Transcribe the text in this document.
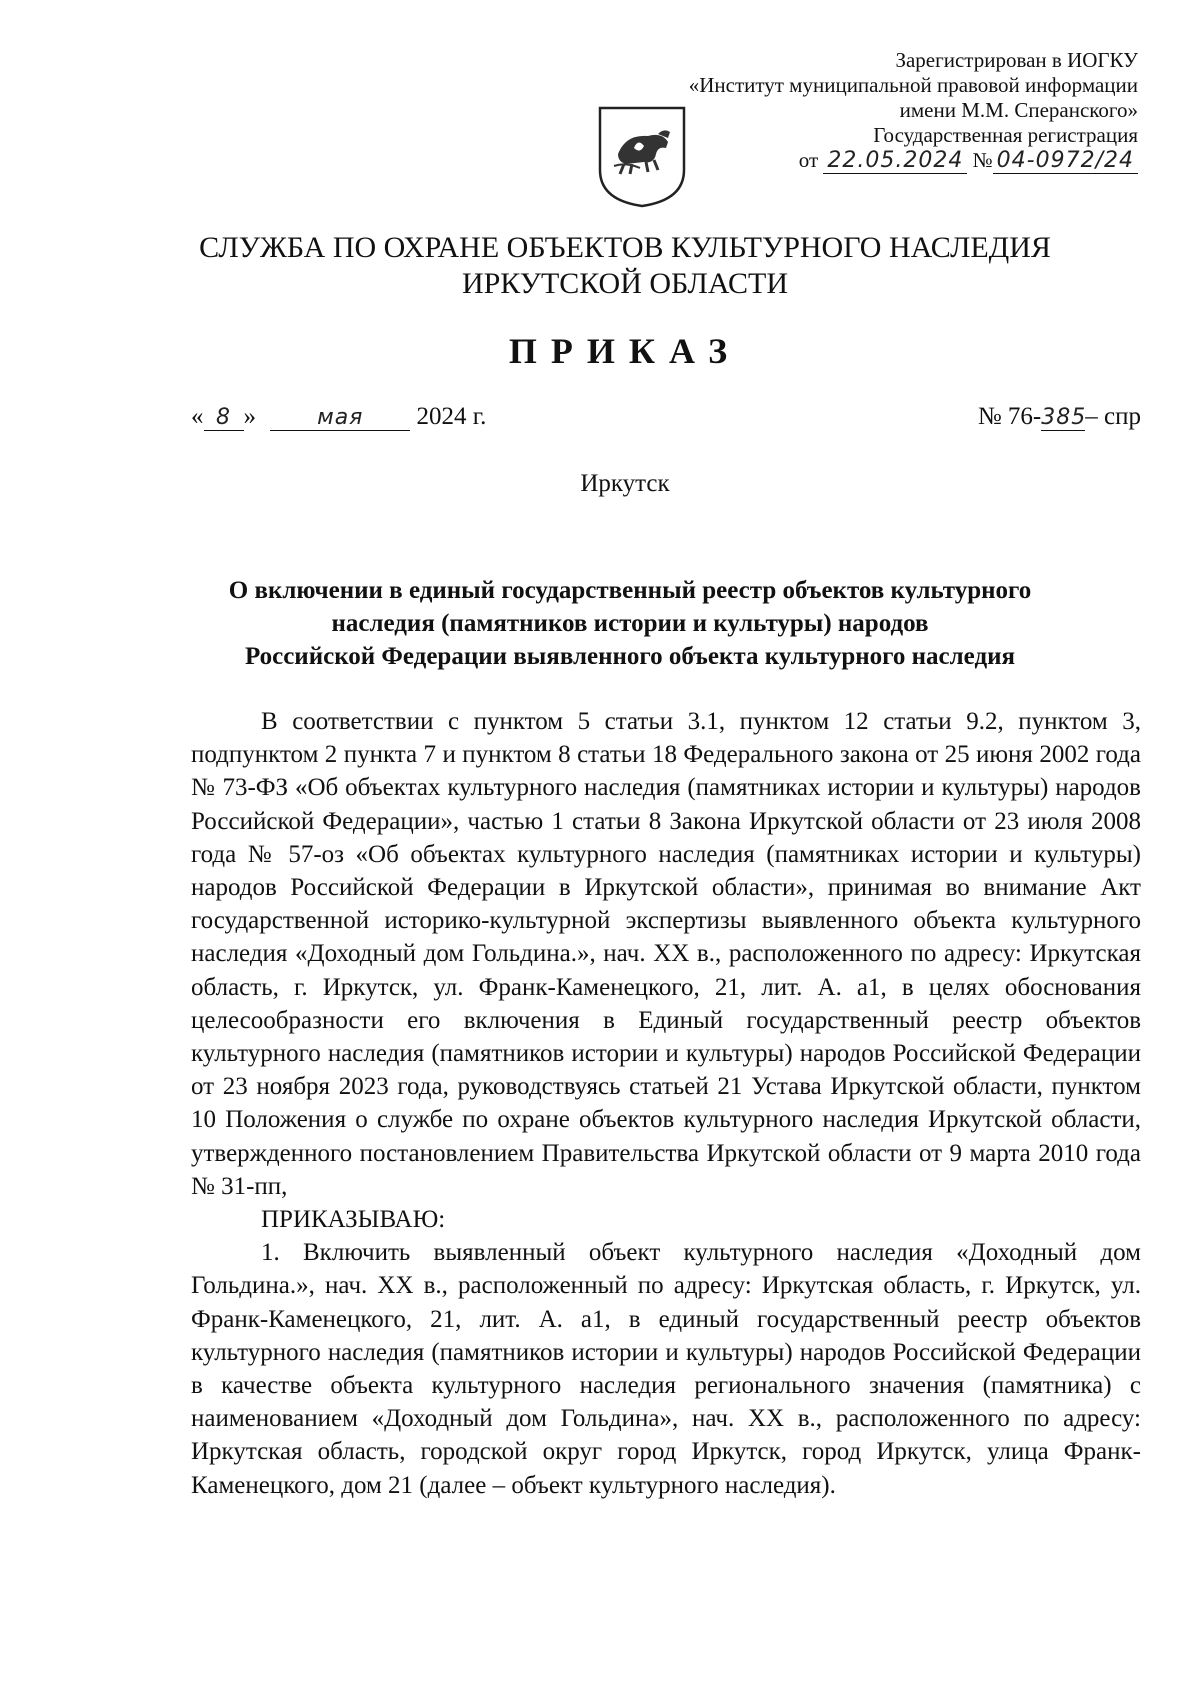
Зарегистрирован в ИОГКУ
«Институт муниципальной правовой информации
имени М.М. Сперанского»
Государственная регистрация
от 22.05.2024 № 04-0972/24
СЛУЖБА ПО ОХРАНЕ ОБЪЕКТОВ КУЛЬТУРНОГО НАСЛЕДИЯ
ИРКУТСКОЙ ОБЛАСТИ
ПРИКАЗ
« 8 »	мая 2024 г.	№ 76-385– спр
Иркутск
О включении в единый государственный реестр объектов культурного
наследия (памятников истории и культуры) народов
Российской Федерации выявленного объекта культурного наследия

В соответствии с пунктом 5 статьи 3.1, пунктом 12 статьи 9.2, пунктом 3, подпунктом 2 пункта 7 и пунктом 8 статьи 18 Федерального закона от 25 июня 2002 года № 73-ФЗ «Об объектах культурного наследия (памятниках истории и культуры) народов Российской Федерации», частью 1 статьи 8 Закона Иркутской области от 23 июля 2008 года № 57-оз «Об объектах культурного наследия (памятниках истории и культуры) народов Российской Федерации в Иркутской области», принимая во внимание Акт государственной историко-культурной экспертизы выявленного объекта культурного наследия «Доходный дом Гольдина.», нач. XX в., расположенного по адресу: Иркутская область, г. Иркутск, ул. Франк-Каменецкого, 21, лит. А. а1, в целях обоснования целесообразности его включения в Единый государственный реестр объектов культурного наследия (памятников истории и культуры) народов Российской Федерации от 23 ноября 2023 года, руководствуясь статьей 21 Устава Иркутской области, пунктом 10 Положения о службе по охране объектов культурного наследия Иркутской области, утвержденного постановлением Правительства Иркутской области от 9 марта 2010 года № 31-пп,

ПРИКАЗЫВАЮ:

1. Включить выявленный объект культурного наследия «Доходный дом Гольдина.», нач. XX в., расположенный по адресу: Иркутская область, г. Иркутск, ул. Франк-Каменецкого, 21, лит. А. а1, в единый государственный реестр объектов культурного наследия (памятников истории и культуры) народов Российской Федерации в качестве объекта культурного наследия регионального значения (памятника) с наименованием «Доходный дом Гольдина», нач. XX в., расположенного по адресу: Иркутская область, городской округ город Иркутск, город Иркутск, улица Франк-Каменецкого, дом 21 (далее – объект культурного наследия).
